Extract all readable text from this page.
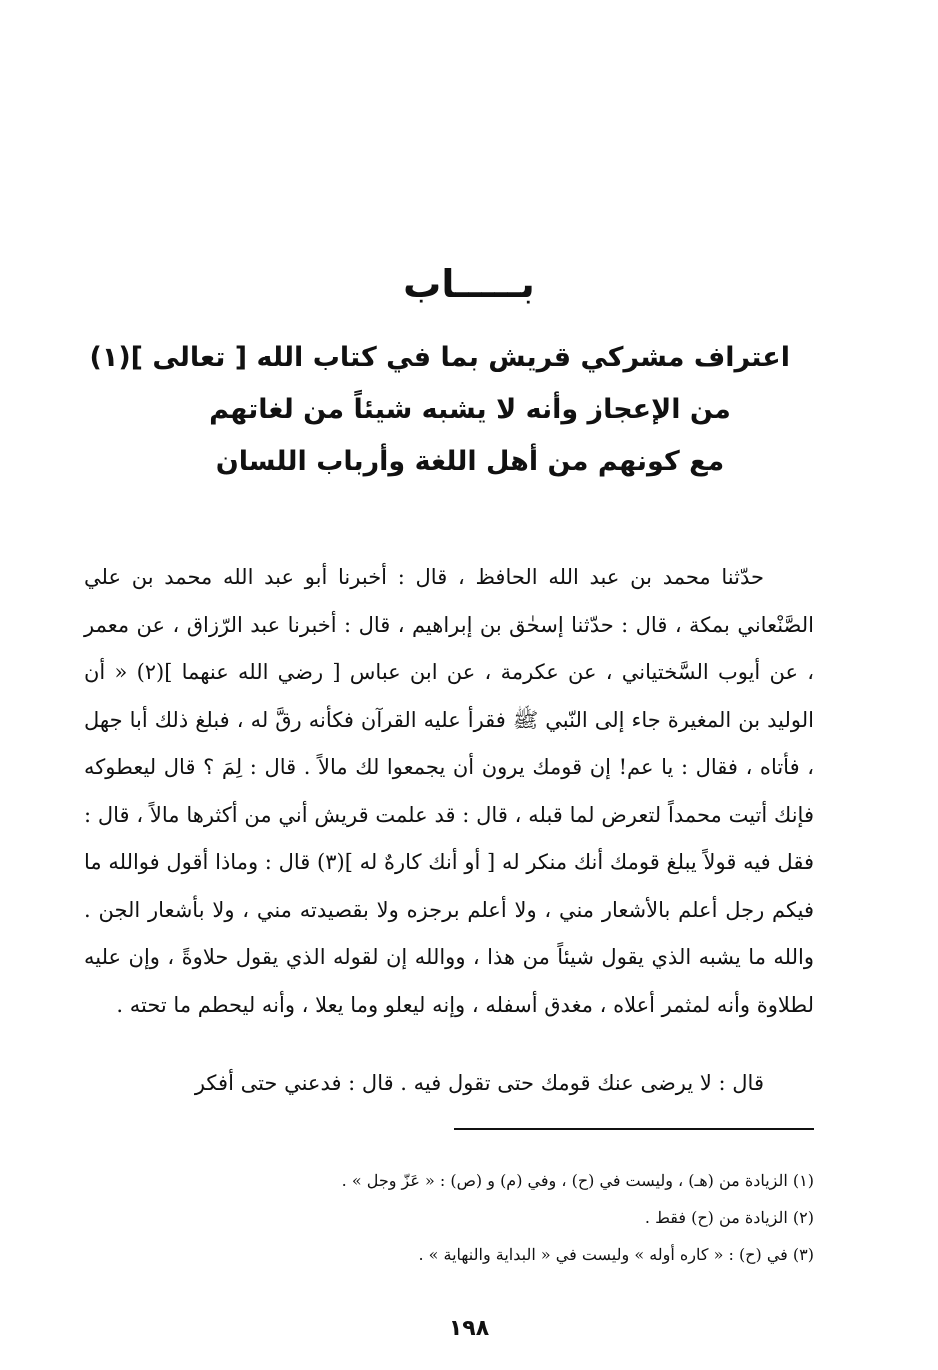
بـــــاب
اعتراف مشركي قريش بما في كتاب الله [ تعالى ](١)
من الإعجاز وأنه لا يشبه شيئاً من لغاتهم
مع كونهم من أهل اللغة وأرباب اللسان

حدّثنا محمد بن عبد الله الحافظ ، قال : أخبرنا أبو عبد الله محمد بن علي الصَّنْعاني بمكة ، قال : حدّثنا إسحٰق بن إبراهيم ، قال : أخبرنا عبد الرّزاق ، عن معمر ، عن أيوب السَّختياني ، عن عكرمة ، عن ابن عباس [ رضي الله عنهما ](٢) « أن الوليد بن المغيرة جاء إلى النّبي ﷺ فقرأ عليه القرآن فكأنه رقَّ له ، فبلغ ذلك أبا جهل ، فأتاه ، فقال : يا عم! إن قومك يرون أن يجمعوا لك مالاً . قال : لِمَ ؟ قال ليعطوكه فإنك أتيت محمداً لتعرض لما قبله ، قال : قد علمت قريش أني من أكثرها مالاً ، قال : فقل فيه قولاً يبلغ قومك أنك منكر له [ أو أنك كارهٌ له ](٣) قال : وماذا أقول فوالله ما فيكم رجل أعلم بالأشعار مني ، ولا أعلم برجزه ولا بقصيدته مني ، ولا بأشعار الجن . والله ما يشبه الذي يقول شيئاً من هذا ، ووالله إن لقوله الذي يقول حلاوةً ، وإن عليه لطلاوة وأنه لمثمر أعلاه ، مغدق أسفله ، وإنه ليعلو وما يعلا ، وأنه ليحطم ما تحته .

قال : لا يرضى عنك قومك حتى تقول فيه . قال : فدعني حتى أفكر
(١) الزيادة من (هـ) ، وليست في (ح) ، وفي (م) و (ص) : « عَزّ وجل » .
(٢) الزيادة من (ح) فقط .
(٣) في (ح) : « كاره أوله » وليست في « البداية والنهاية » .
١٩٨
